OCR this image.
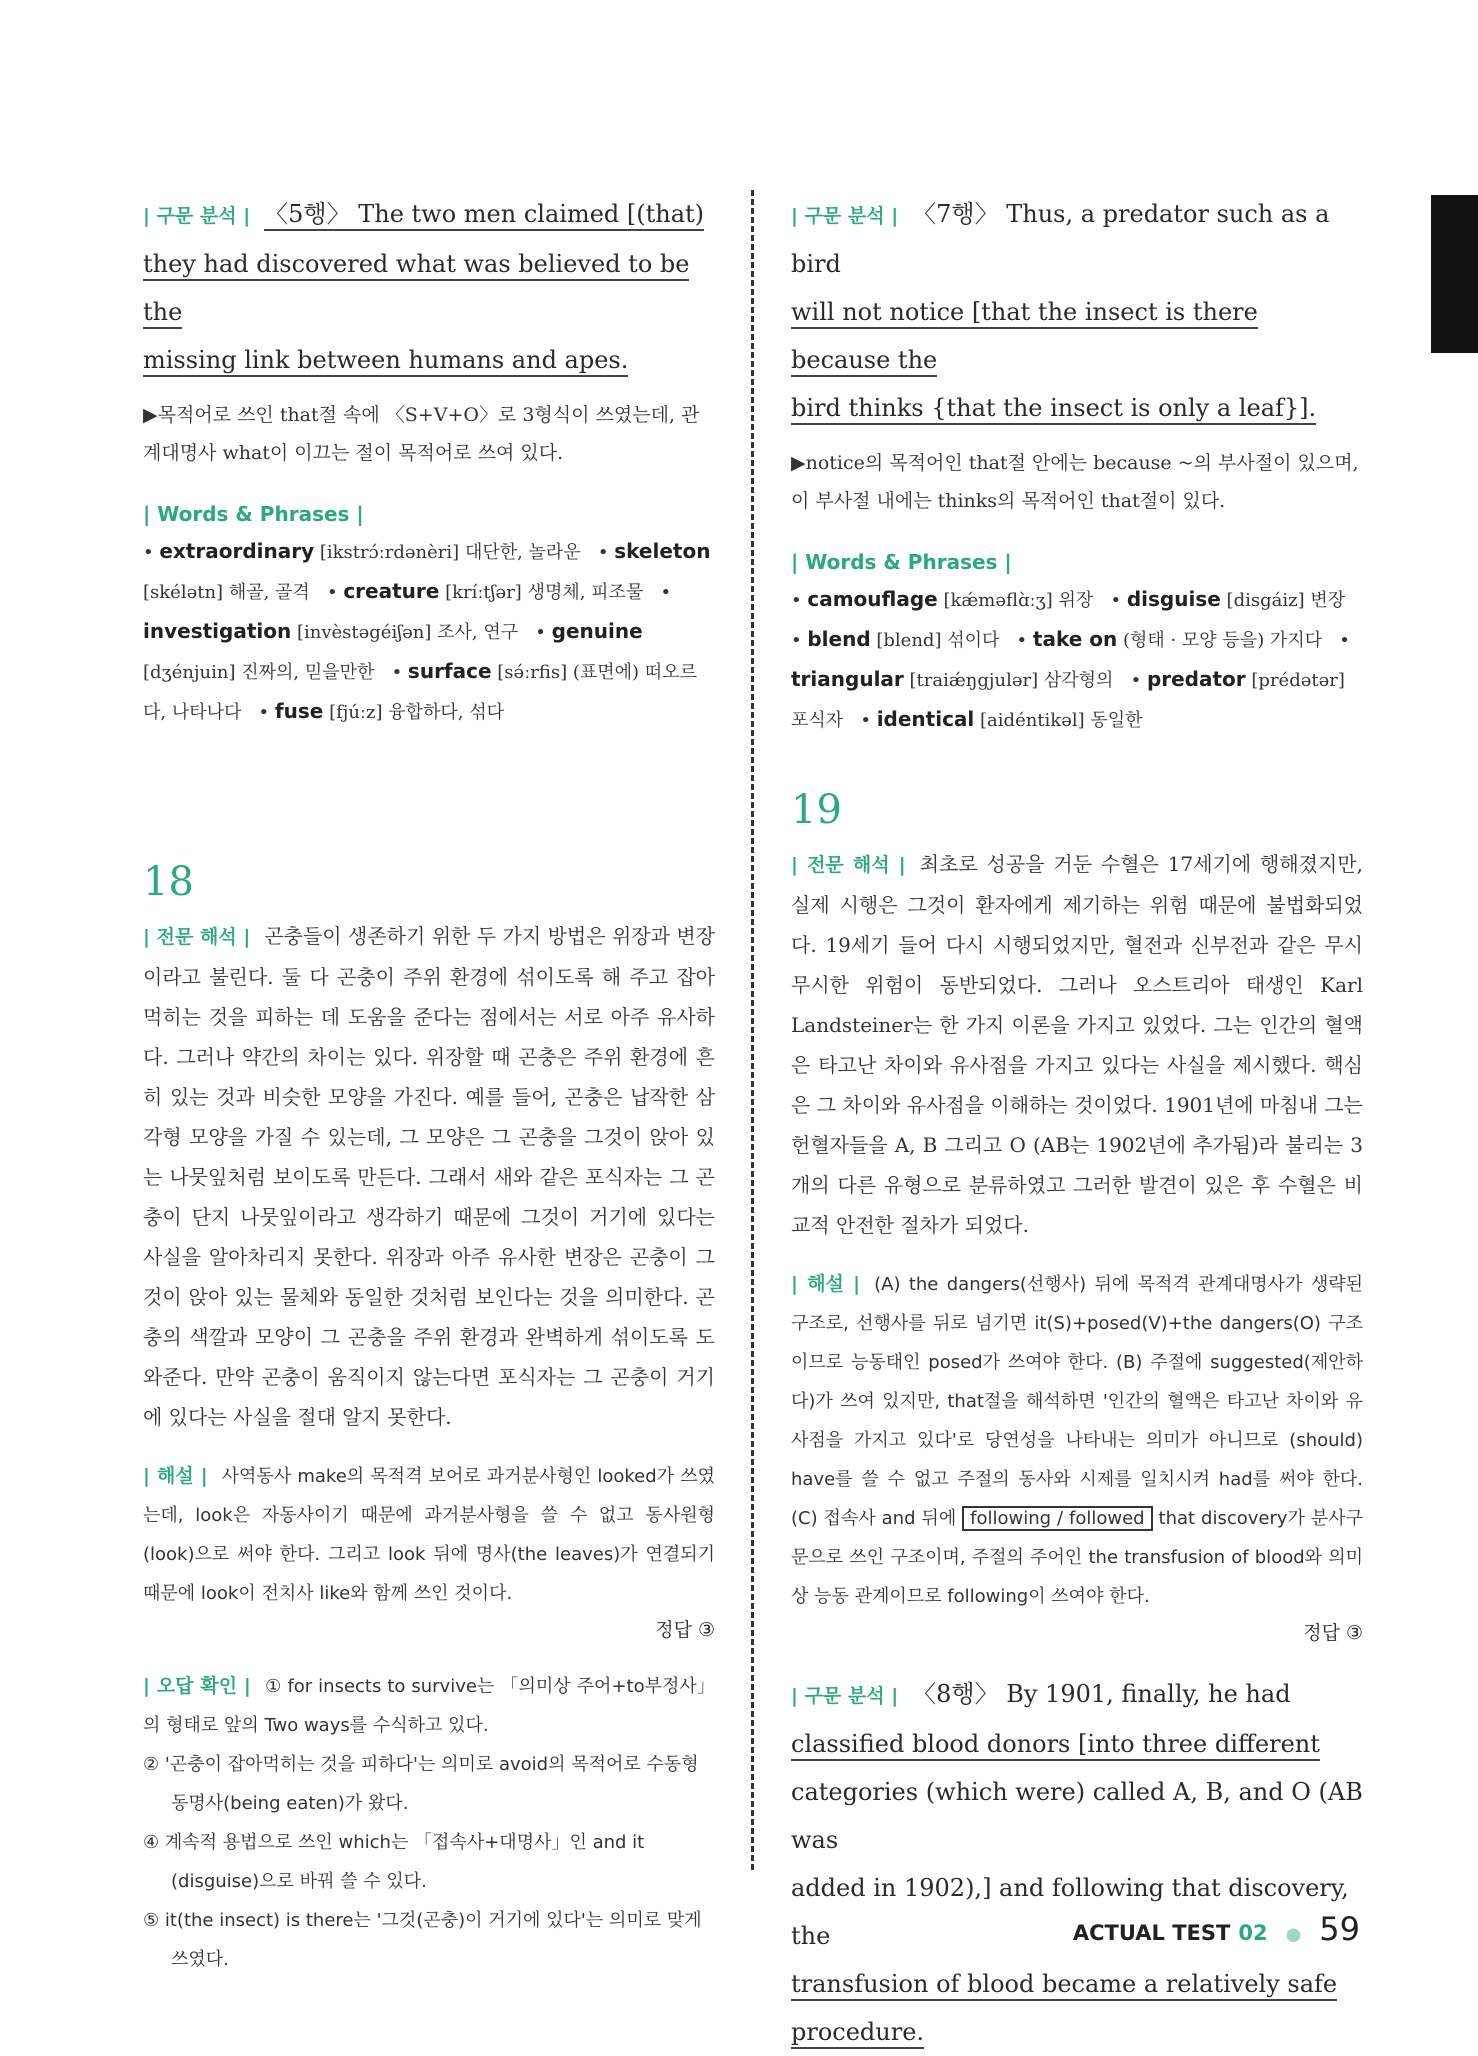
| 구문 분석 | 〈5행〉 The two men claimed [(that)

they had discovered what was believed to be the

missing link between humans and apes.

▶목적어로 쓰인 that절 속에 〈S+V+O〉로 3형식이 쓰였는데, 관계대명사 what이 이끄는 절이 목적어로 쓰여 있다.

| Words & Phrases |

• extraordinary [ikstrɔ́ːrdənèri] 대단한, 놀라운   • skeleton [skélətn] 해골, 골격   • creature [kríːtʃər] 생명체, 피조물   • investigation [invèstəgéiʃən] 조사, 연구   • genuine [dʒénjuin] 진짜의, 믿을만한   • surface [sə́ːrfis] (표면에) 떠오르다, 나타나다   • fuse [fjúːz] 융합하다, 섞다

18

| 전문 해석 | 곤충들이 생존하기 위한 두 가지 방법은 위장과 변장이라고 불린다. 둘 다 곤충이 주위 환경에 섞이도록 해 주고 잡아먹히는 것을 피하는 데 도움을 준다는 점에서는 서로 아주 유사하다. 그러나 약간의 차이는 있다. 위장할 때 곤충은 주위 환경에 흔히 있는 것과 비슷한 모양을 가진다. 예를 들어, 곤충은 납작한 삼각형 모양을 가질 수 있는데, 그 모양은 그 곤충을 그것이 앉아 있는 나뭇잎처럼 보이도록 만든다. 그래서 새와 같은 포식자는 그 곤충이 단지 나뭇잎이라고 생각하기 때문에 그것이 거기에 있다는 사실을 알아차리지 못한다. 위장과 아주 유사한 변장은 곤충이 그것이 앉아 있는 물체와 동일한 것처럼 보인다는 것을 의미한다. 곤충의 색깔과 모양이 그 곤충을 주위 환경과 완벽하게 섞이도록 도와준다. 만약 곤충이 움직이지 않는다면 포식자는 그 곤충이 거기에 있다는 사실을 절대 알지 못한다.

| 해설 | 사역동사 make의 목적격 보어로 과거분사형인 looked가 쓰였는데, look은 자동사이기 때문에 과거분사형을 쓸 수 없고 동사원형(look)으로 써야 한다. 그리고 look 뒤에 명사(the leaves)가 연결되기 때문에 look이 전치사 like와 함께 쓰인 것이다.

정답 ③

| 오답 확인 | ① for insects to survive는 「의미상 주어+to부정사」의 형태로 앞의 Two ways를 수식하고 있다.

② '곤충이 잡아먹히는 것을 피하다'는 의미로 avoid의 목적어로 수동형 동명사(being eaten)가 왔다.

④ 계속적 용법으로 쓰인 which는 「접속사+대명사」인 and it (disguise)으로 바꿔 쓸 수 있다.

⑤ it(the insect) is there는 '그것(곤충)이 거기에 있다'는 의미로 맞게 쓰였다.

| 구문 분석 | 〈7행〉 Thus, a predator such as a bird

will not notice [that the insect is there because the

bird thinks {that the insect is only a leaf}].

▶notice의 목적어인 that절 안에는 because ~의 부사절이 있으며, 이 부사절 내에는 thinks의 목적어인 that절이 있다.

| Words & Phrases |

• camouflage [kǽməflɑ̀ːʒ] 위장   • disguise [disgáiz] 변장   • blend [blend] 섞이다   • take on (형태 · 모양 등을) 가지다   • triangular [traiǽŋgjulər] 삼각형의   • predator [prédətər] 포식자   • identical [aidéntikəl] 동일한

19

| 전문 해석 | 최초로 성공을 거둔 수혈은 17세기에 행해졌지만, 실제 시행은 그것이 환자에게 제기하는 위험 때문에 불법화되었다. 19세기 들어 다시 시행되었지만, 혈전과 신부전과 같은 무시무시한 위험이 동반되었다. 그러나 오스트리아 태생인 Karl Landsteiner는 한 가지 이론을 가지고 있었다. 그는 인간의 혈액은 타고난 차이와 유사점을 가지고 있다는 사실을 제시했다. 핵심은 그 차이와 유사점을 이해하는 것이었다. 1901년에 마침내 그는 헌혈자들을 A, B 그리고 O (AB는 1902년에 추가됨)라 불리는 3개의 다른 유형으로 분류하였고 그러한 발견이 있은 후 수혈은 비교적 안전한 절차가 되었다.

| 해설 | (A) the dangers(선행사) 뒤에 목적격 관계대명사가 생략된 구조로, 선행사를 뒤로 넘기면 it(S)+posed(V)+the dangers(O) 구조이므로 능동태인 posed가 쓰여야 한다. (B) 주절에 suggested(제안하다)가 쓰여 있지만, that절을 해석하면 '인간의 혈액은 타고난 차이와 유사점을 가지고 있다'로 당연성을 나타내는 의미가 아니므로 (should) have를 쓸 수 없고 주절의 동사와 시제를 일치시켜 had를 써야 한다. (C) 접속사 and 뒤에 following / followed that discovery가 분사구문으로 쓰인 구조이며, 주절의 주어인 the transfusion of blood와 의미상 능동 관계이므로 following이 쓰여야 한다.

정답 ③

| 구문 분석 | 〈8행〉 By 1901, finally, he had

classified blood donors [into three different

categories (which were) called A, B, and O (AB was

added in 1902),] and following that discovery, the

transfusion of blood became a relatively safe

procedure.

ACTUAL TEST 02 ● 59
